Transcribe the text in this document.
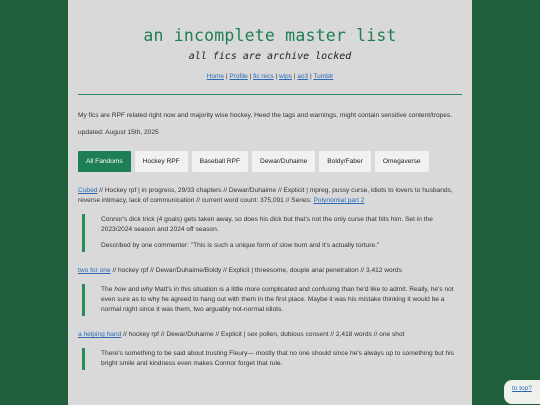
an incomplete master list
all fics are archive locked
Home | Profile | fic recs | wips | ao3 | Tumblr

My fics are RPF related right now and majority wise hockey. Heed the tags and warnings, might contain sensitive content/tropes.

updated: August 15th, 2025

All Fandoms	Hockey RPF	Baseball RPF	Dewar/Duhaime	Boldy/Faber	Omegaverse
Cubed // Hockey rpf | in progress, 29/33 chapters // Dewar/Duhaime // Explicit | mpreg, pussy curse, idiots to lovers to husbands, reverse intimacy, lack of communication // current word count: 375,091 // Series: Polynomial part 2

Connor's dick trick (4 goals) gets taken away, so does his dick but that's not the only curse that hits him. Set in the 2023/2024 season and 2024 off season.

Described by one commenter: "This is such a unique form of slow burn and it's actually torture."

two for one // hockey rpf // Dewar/Duhaime/Boldy // Explicit | threesome, douple anal penetration // 3,412 words

The how and why Matt's in this situation is a little more complicated and confusing than he'd like to admit. Really, he's not even sure as to why he agreed to hang out with them in the first place. Maybe it was his mistake thinking it would be a normal night since it was them, two arguably not-normal idiots.

a helping hand // hockey rpf // Dewar/Duhaime // Explicit | sex pollen, dubious consent // 2,418 words // one shot

There's something to be said about trusting Fleury— mostly that no one should since he's always up to something but his bright smile and kindness even makes Connor forget that rule.

to top?
